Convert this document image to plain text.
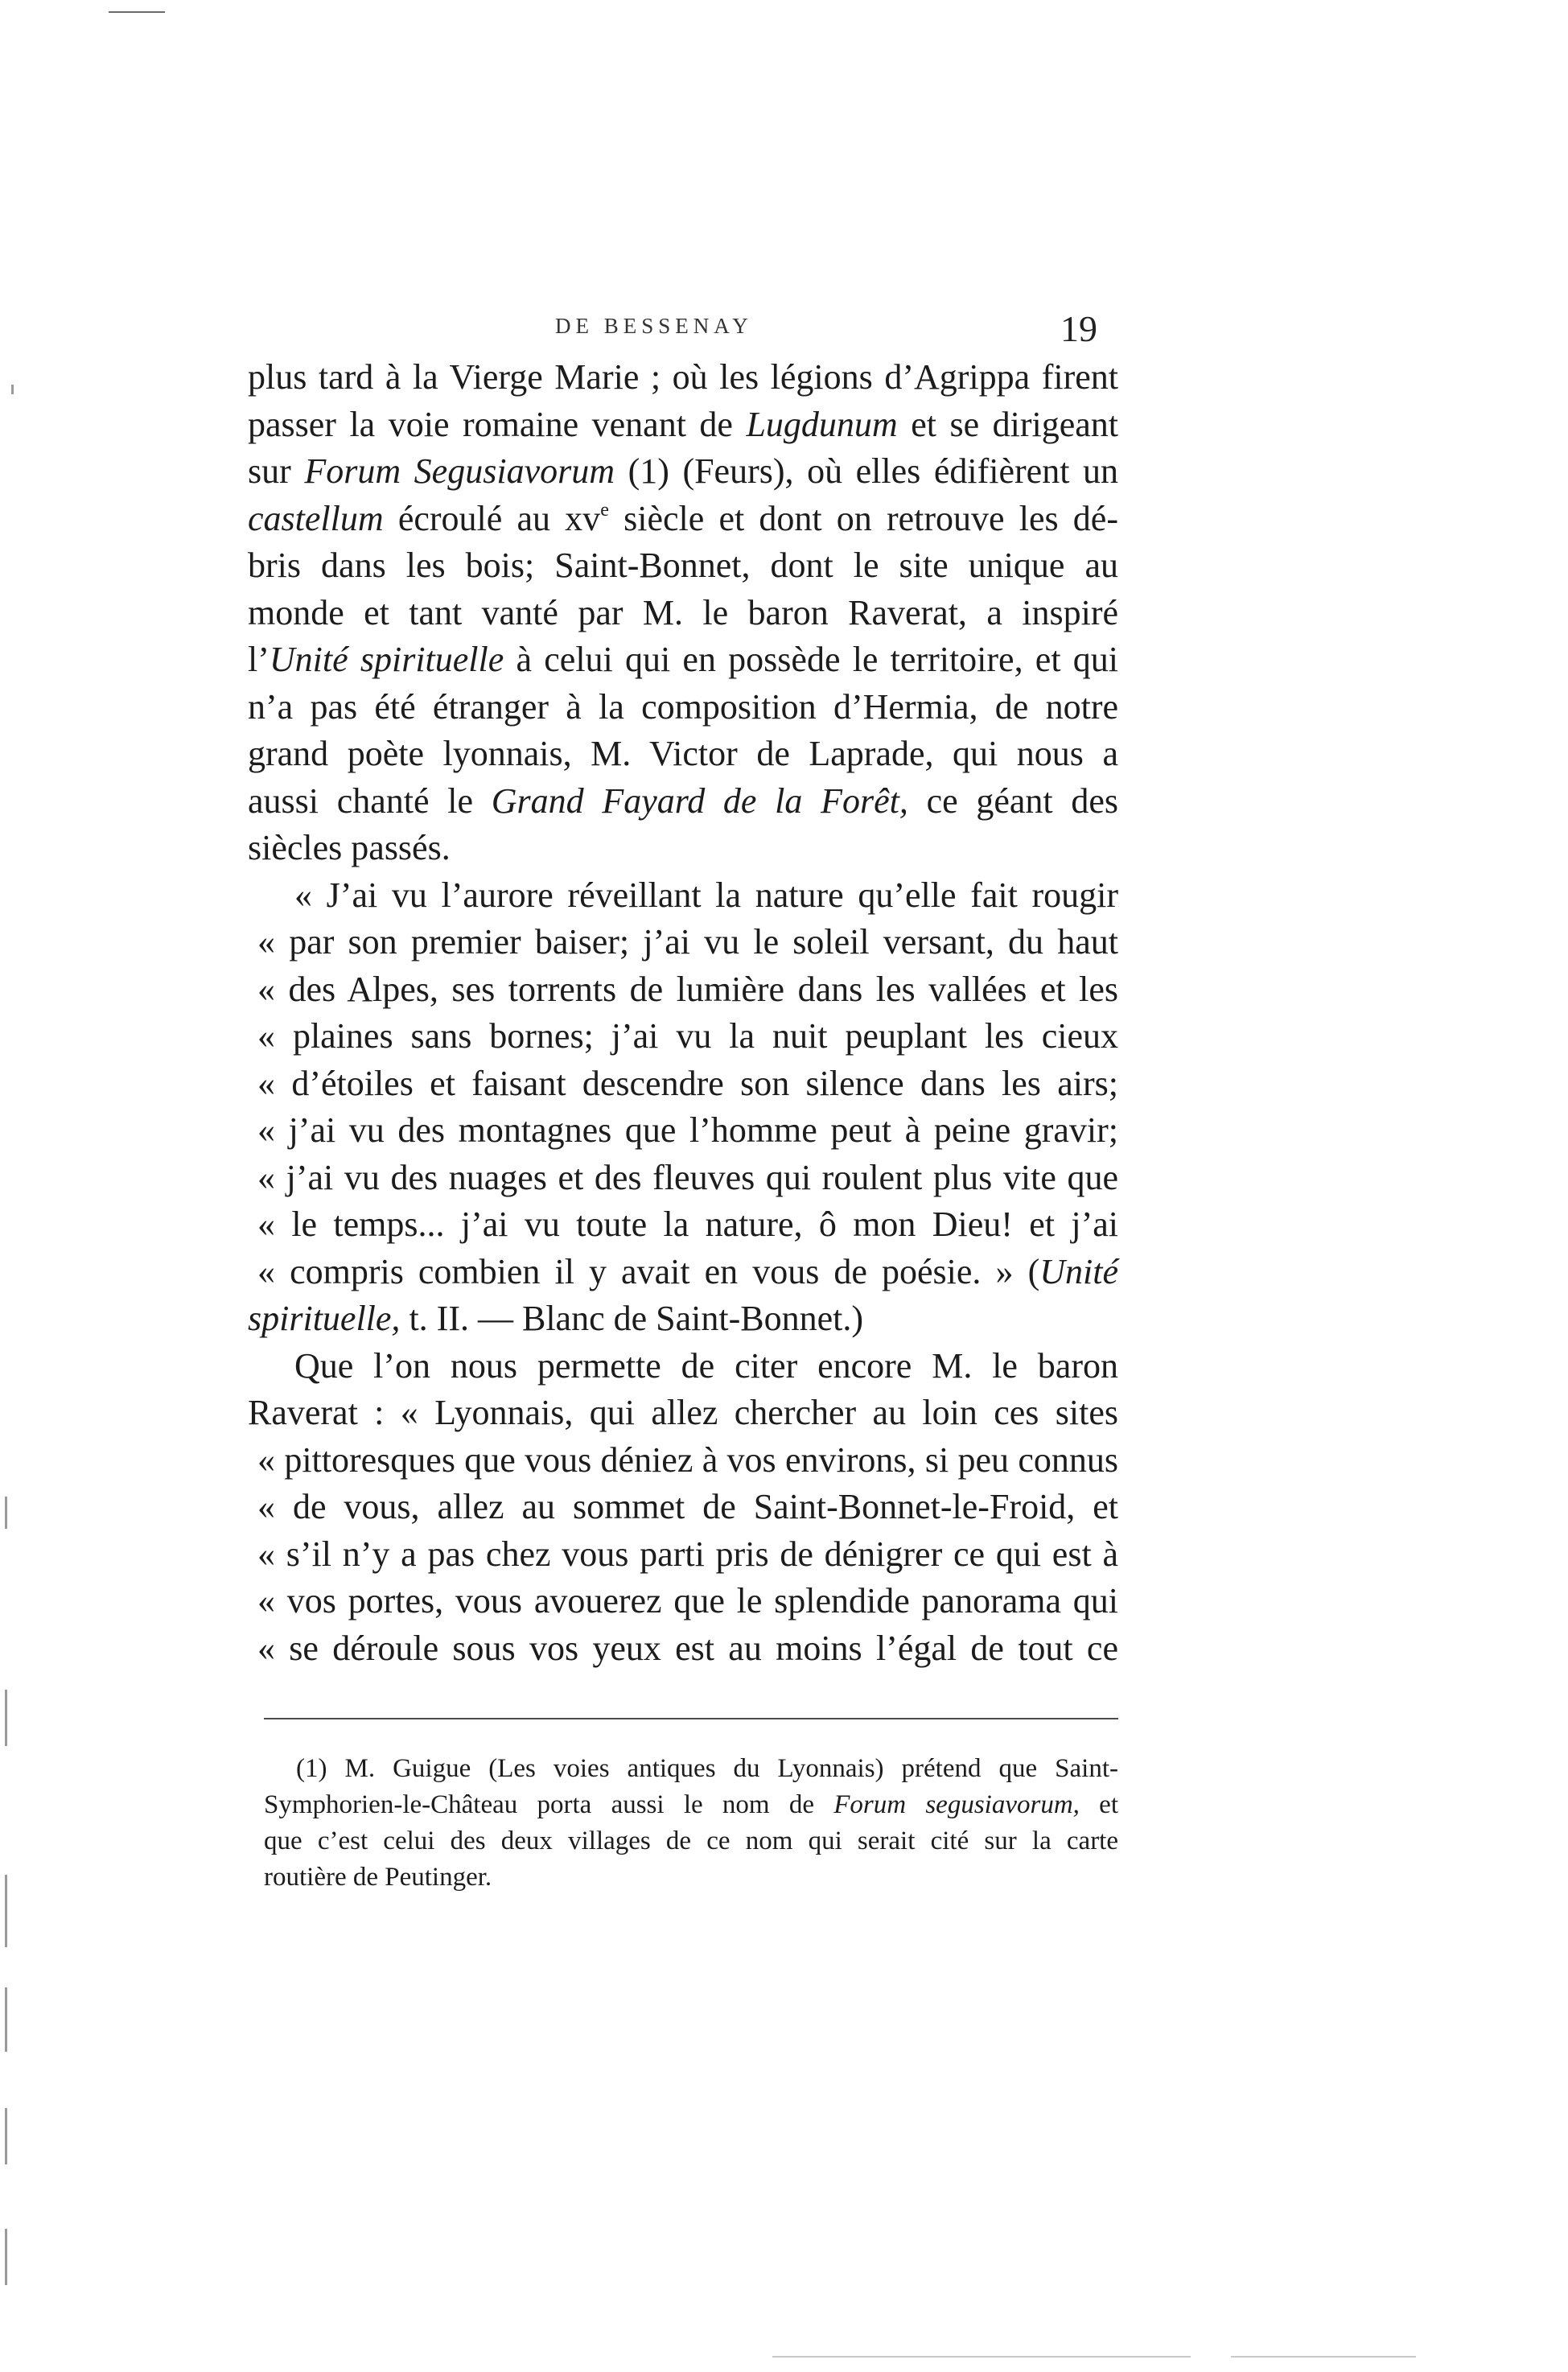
DE BESSENAY	19
plus tard à la Vierge Marie ; où les légions d’Agrippa firent
passer la voie romaine venant de Lugdunum et se dirigeant
sur Forum Segusiavorum (1) (Feurs), où elles édifièrent un
castellum écroulé au $xv^e$ siècle et dont on retrouve les dé-
bris dans les bois; Saint-Bonnet, dont le site unique au
monde et tant vanté par M. le baron Raverat, a inspiré
l’Unité spirituelle à celui qui en possède le territoire, et qui
n’a pas été étranger à la composition d’Hermia, de notre
grand poète lyonnais, M. Victor de Laprade, qui nous a
aussi chanté le Grand Fayard de la Forêt, ce géant des
siècles passés.
« J’ai vu l’aurore réveillant la nature qu’elle fait rougir
« par son premier baiser; j’ai vu le soleil versant, du haut
« des Alpes, ses torrents de lumière dans les vallées et les
« plaines sans bornes; j’ai vu la nuit peuplant les cieux
« d’étoiles et faisant descendre son silence dans les airs;
« j’ai vu des montagnes que l’homme peut à peine gravir;
« j’ai vu des nuages et des fleuves qui roulent plus vite que
« le temps... j’ai vu toute la nature, ô mon Dieu! et j’ai
« compris combien il y avait en vous de poésie. » (Unité
spirituelle, t. II. — Blanc de Saint-Bonnet.)
Que l’on nous permette de citer encore M. le baron
Raverat : « Lyonnais, qui allez chercher au loin ces sites
« pittoresques que vous déniez à vos environs, si peu connus
« de vous, allez au sommet de Saint-Bonnet-le-Froid, et
« s’il n’y a pas chez vous parti pris de dénigrer ce qui est à
« vos portes, vous avouerez que le splendide panorama qui
« se déroule sous vos yeux est au moins l’égal de tout ce
(1) M. Guigue (Les voies antiques du Lyonnais) prétend que Saint-
Symphorien-le-Château porta aussi le nom de Forum segusiavorum, et
que c’est celui des deux villages de ce nom qui serait cité sur la carte
routière de Peutinger.
